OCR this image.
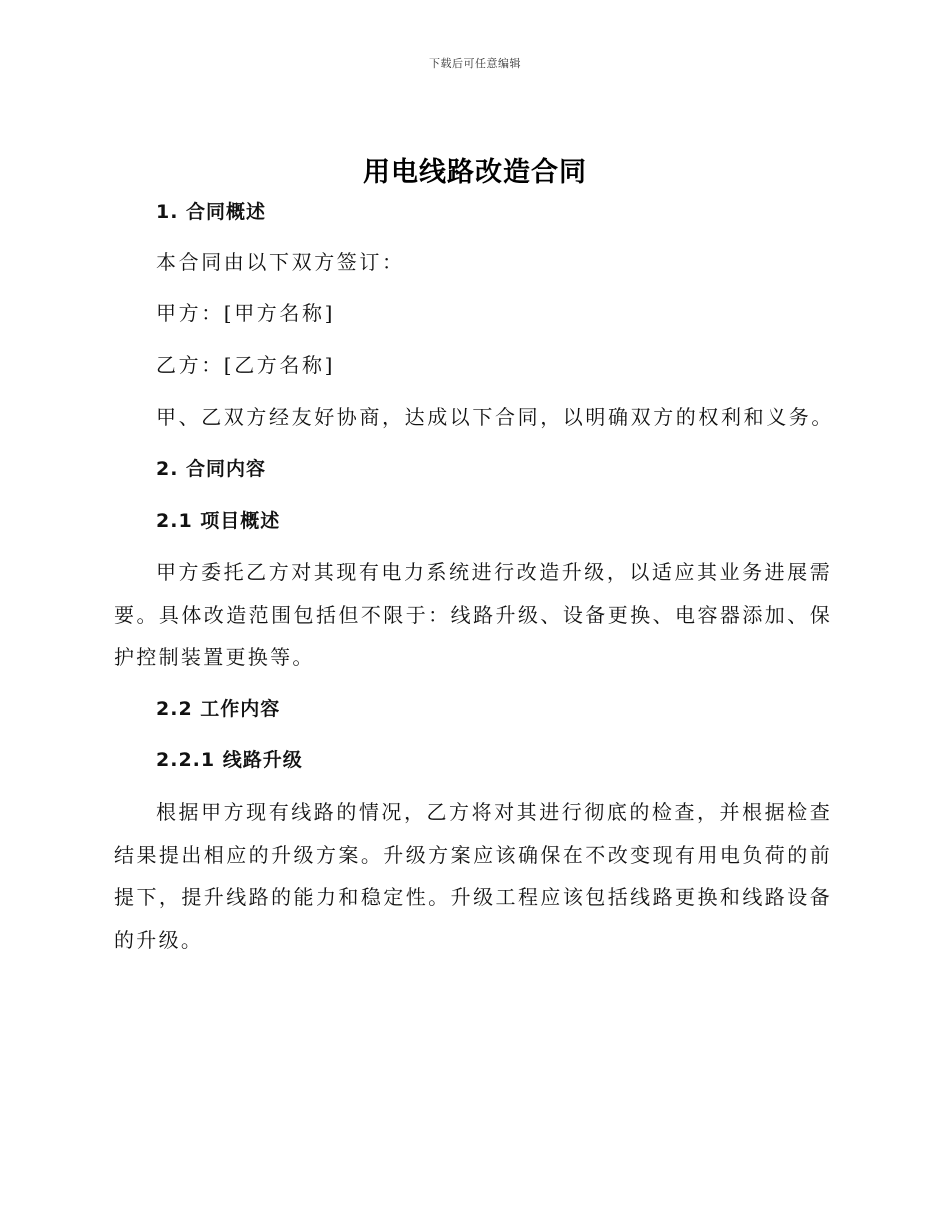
下载后可任意编辑
用电线路改造合同

1. 合同概述

本合同由以下双方签订：

甲方：[甲方名称]

乙方：[乙方名称]

甲、乙双方经友好协商，达成以下合同，以明确双方的权利和义务。

2. 合同内容

2.1 项目概述

甲方委托乙方对其现有电力系统进行改造升级，以适应其业务进展需要。具体改造范围包括但不限于：线路升级、设备更换、电容器添加、保护控制装置更换等。

2.2 工作内容

2.2.1 线路升级

根据甲方现有线路的情况，乙方将对其进行彻底的检查，并根据检查结果提出相应的升级方案。升级方案应该确保在不改变现有用电负荷的前提下，提升线路的能力和稳定性。升级工程应该包括线路更换和线路设备的升级。
